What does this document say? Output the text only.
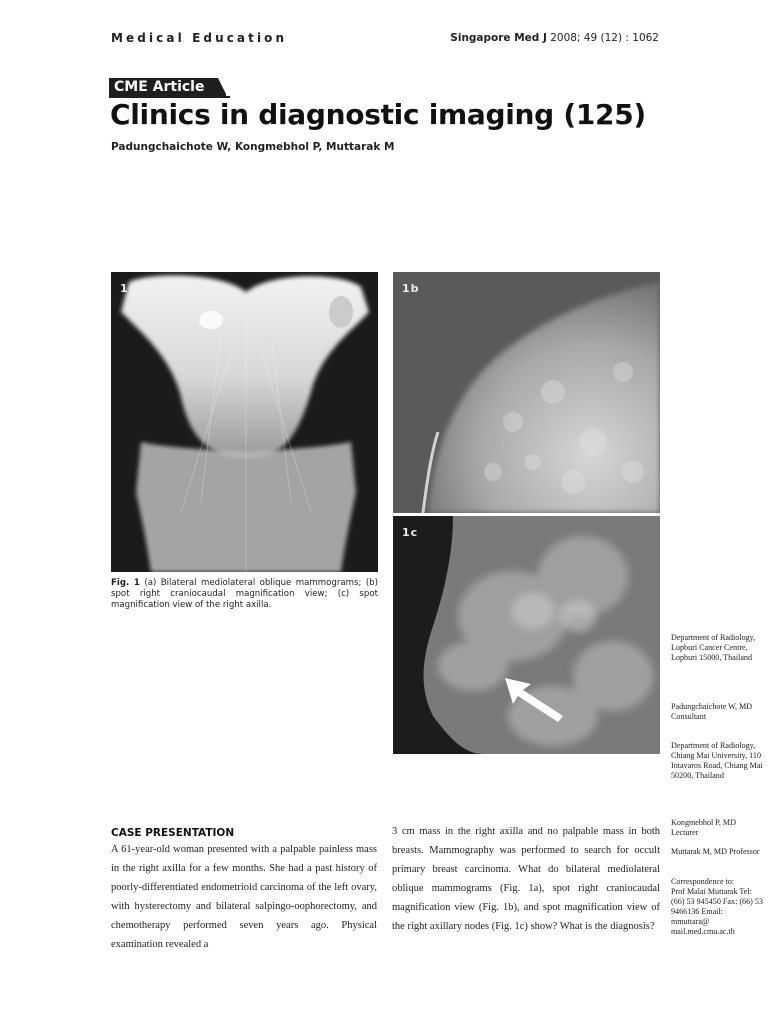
Medical Education	Singapore Med J 2008; 49 (12) : 1062
CME Article
Clinics in diagnostic imaging (125)
Padungchaichote W, Kongmebhol P, Muttarak M
1a	1b
1c
Fig. 1 (a) Bilateral mediolateral oblique mammograms; (b) spot right craniocaudal magnification view; (c) spot magnification view of the right axilla.
Department of Radiology, Lopburi Cancer Centre, Lopburi 15000, Thailand
Padungchaichote W, MD Consultant
Department of Radiology, Chiang Mai University, 110 Intavaros Road, Chiang Mai 50200, Thailand
Kongmebhol P, MD Lecturer
Muttarak M, MD Professor
Correspondence to:
Prof Malai Muttarak Tel: (66) 53 945450 Fax: (66) 53 9466136 Email: mmuttara@ mail.med.cmu.ac.th
CASE PRESENTATION
A 61-year-old woman presented with a palpable painless mass in the right axilla for a few months. She had a past history of poorly-differentiated endometrioid carcinoma of the left ovary, with hysterectomy and bilateral salpingo-oophorectomy, and chemotherapy performed seven years ago. Physical examination revealed a
3 cm mass in the right axilla and no palpable mass in both breasts. Mammography was performed to search for occult primary breast carcinoma. What do bilateral mediolateral oblique mammograms (Fig. 1a), spot right craniocaudal magnification view (Fig. 1b), and spot magnification view of the right axillary nodes (Fig. 1c) show? What is the diagnosis?
